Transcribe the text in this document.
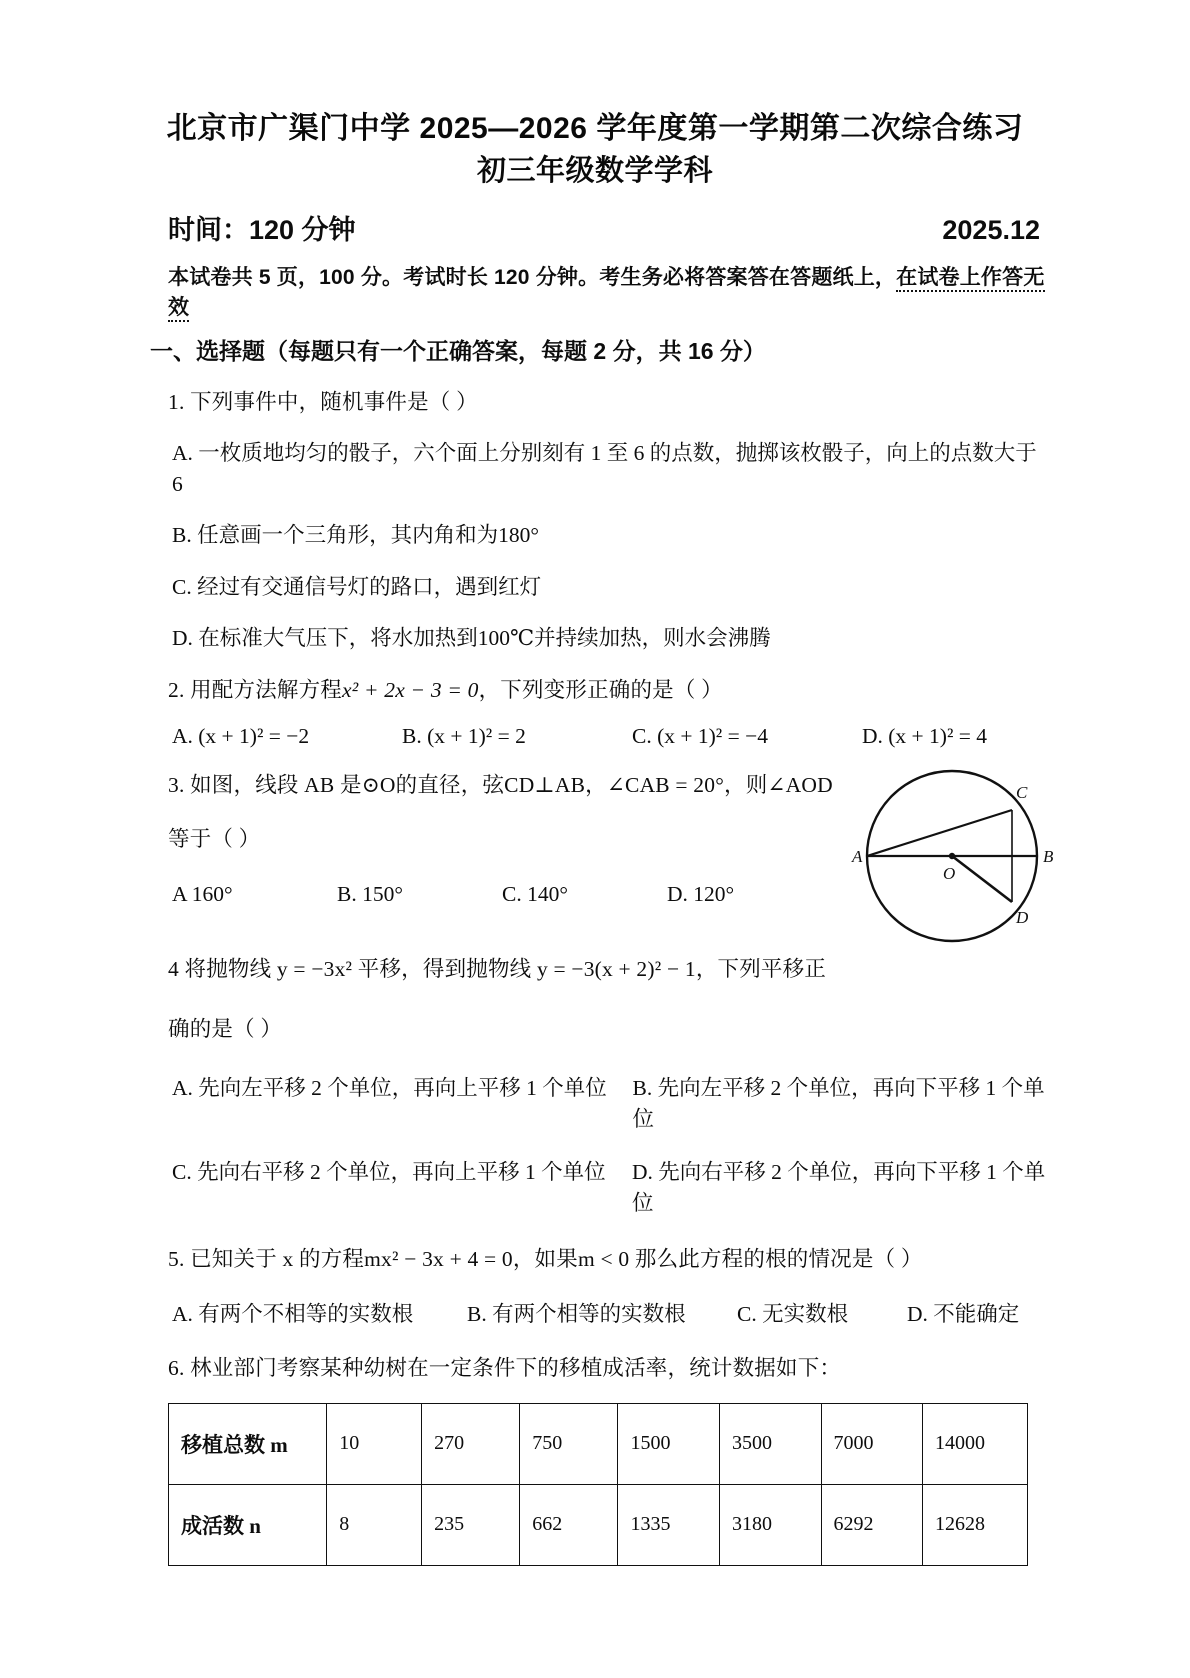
北京市广渠门中学 2025—2026 学年度第一学期第二次综合练习
初三年级数学学科
时间：120 分钟	2025.12
本试卷共 5 页，100 分。考试时长 120 分钟。考生务必将答案答在答题纸上，在试卷上作答无效
一、选择题（每题只有一个正确答案，每题 2 分，共 16 分）
1. 下列事件中，随机事件是（ ）
A. 一枚质地均匀的骰子，六个面上分别刻有 1 至 6 的点数，抛掷该枚骰子，向上的点数大于 6
B. 任意画一个三角形，其内角和为180°
C. 经过有交通信号灯的路口，遇到红灯
D. 在标准大气压下，将水加热到100℃并持续加热，则水会沸腾
2. 用配方法解方程x² + 2x − 3 = 0，下列变形正确的是（ ）
A. (x + 1)² = −2	B. (x + 1)² = 2	C. (x + 1)² = −4	D. (x + 1)² = 4
3. 如图，线段 AB 是⊙O的直径，弦CD⊥AB，∠CAB = 20°，则∠AOD
等于（ ）
A	B
C
D
O
A 160°	B. 150°	C. 140°	D. 120°
4 将抛物线 y = −3x² 平移，得到抛物线 y = −3(x + 2)² − 1，下列平移正
确的是（ ）
A. 先向左平移 2 个单位，再向上平移 1 个单位	B. 先向左平移 2 个单位，再向下平移 1 个单位
C. 先向右平移 2 个单位，再向上平移 1 个单位	D. 先向右平移 2 个单位，再向下平移 1 个单位
5. 已知关于 x 的方程mx² − 3x + 4 = 0，如果m < 0 那么此方程的根的情况是（ ）
A. 有两个不相等的实数根	B. 有两个相等的实数根	C. 无实数根	D. 不能确定
6. 林业部门考察某种幼树在一定条件下的移植成活率，统计数据如下：
移植总数 m	10	270	750	1500	3500	7000	14000
成活数 n	8	235	662	1335	3180	6292	12628
